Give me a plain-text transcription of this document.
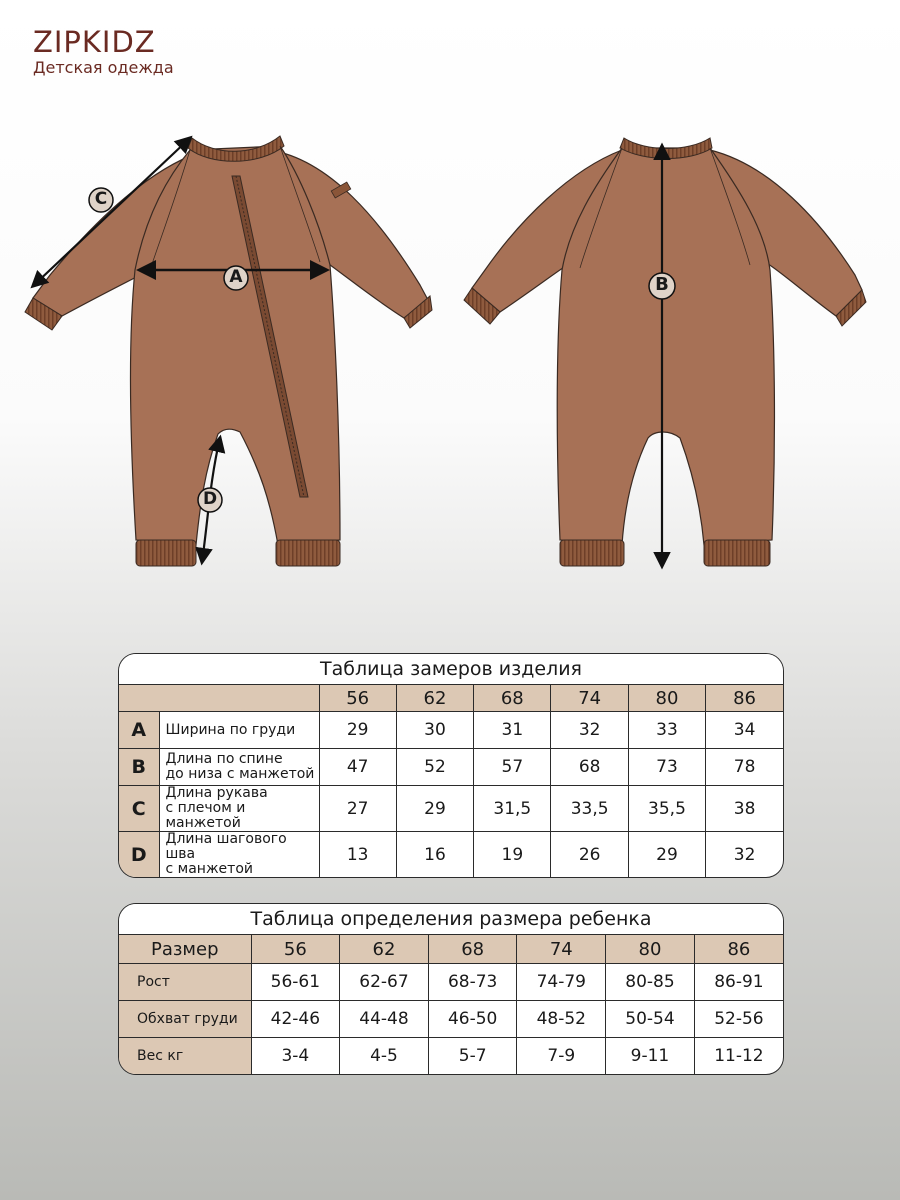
ZIPKIDZ
Детская одежда
C
A
D
B
Таблица замеров изделия
		56	62	68	74	80	86
A	Ширина по груди	29	30	31	32	33	34
B	Длина по спине
до низа с манжетой	47	52	57	68	73	78
C	Длина рукава
с плечом и манжетой	27	29	31,5	33,5	35,5	38
D	Длина шагового шва
с манжетой	13	16	19	26	29	32
Таблица определения размера ребенка
Размер	56	62	68	74	80	86
Рост	56-61	62-67	68-73	74-79	80-85	86-91
Обхват груди	42-46	44-48	46-50	48-52	50-54	52-56
Вес кг	3-4	4-5	5-7	7-9	9-11	11-12
